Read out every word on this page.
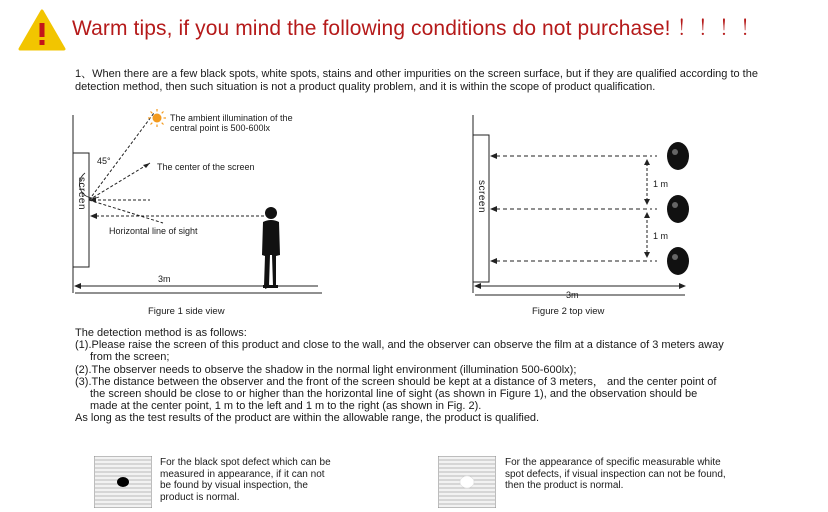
Warm tips, if you mind the following conditions do not purchase! ！！！！
1、When there are a few black spots, white spots, stains and other impurities on the screen surface, but if they are qualified according to the detection method, then such situation is not a product quality problem, and it is within the scope of product qualification.
The ambient illumination of the
central point is 500-600lx
45°
The center of the screen
screen
Horizontal line of sight
3m
Figure 1 side view
screen	1 m
1 m
3m
Figure 2 top view

The detection method is as follows:

(1).Please raise the screen of this product and close to the wall, and the observer can observe the film at a distance of 3 meters away

from the screen;

(2).The observer needs to observe the shadow in the normal light environment (illumination 500-600lx);

(3).The distance between the observer and the front of the screen should be kept at a distance of 3 meters， and the center point of

the screen should be close to or higher than the horizontal line of sight (as shown in Figure 1), and the observation should be

made at the center point, 1 m to the left and 1 m to the right (as shown in Fig. 2).

As long as the test results of the product are within the allowable range, the product is qualified.

For the black spot defect which can be
measured in appearance, if it can not
be found by visual inspection, the
product is normal.
For the appearance of specific measurable white
spot defects, if visual inspection can not be found,
then the product is normal.
